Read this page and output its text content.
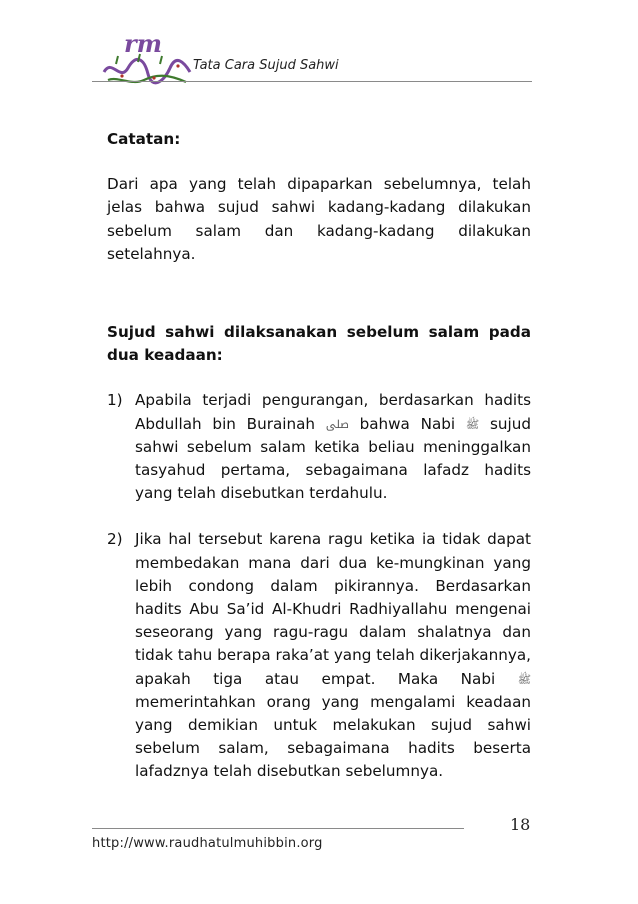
rm
Tata Cara Sujud Sahwi

Catatan:

Dari apa yang telah dipaparkan sebelumnya, telah jelas bahwa sujud sahwi kadang-kadang dilakukan sebelum salam dan kadang-kadang dilakukan setelahnya.

Sujud sahwi dilaksanakan sebelum salam pada dua keadaan:

1) Apabila terjadi pengurangan, berdasarkan hadits Abdullah bin Burainah ﷹ bahwa Nabi ﷺ sujud sahwi sebelum salam ketika beliau meninggalkan tasyahud pertama, sebagaimana lafadz hadits yang telah disebutkan terdahulu.
2) Jika hal tersebut karena ragu ketika ia tidak dapat membedakan mana dari dua ke-mungkinan yang lebih condong dalam pikirannya. Berdasarkan hadits Abu Sa’id Al-Khudri Radhiyallahu mengenai seseorang yang ragu-ragu dalam shalatnya dan tidak tahu berapa raka’at yang telah dikerjakannya, apakah tiga atau empat. Maka Nabi ﷺ memerintahkan orang yang mengalami keadaan yang demikian untuk melakukan sujud sahwi sebelum salam, sebagaimana hadits beserta lafadznya telah disebutkan sebelumnya.
18
http://www.raudhatulmuhibbin.org
